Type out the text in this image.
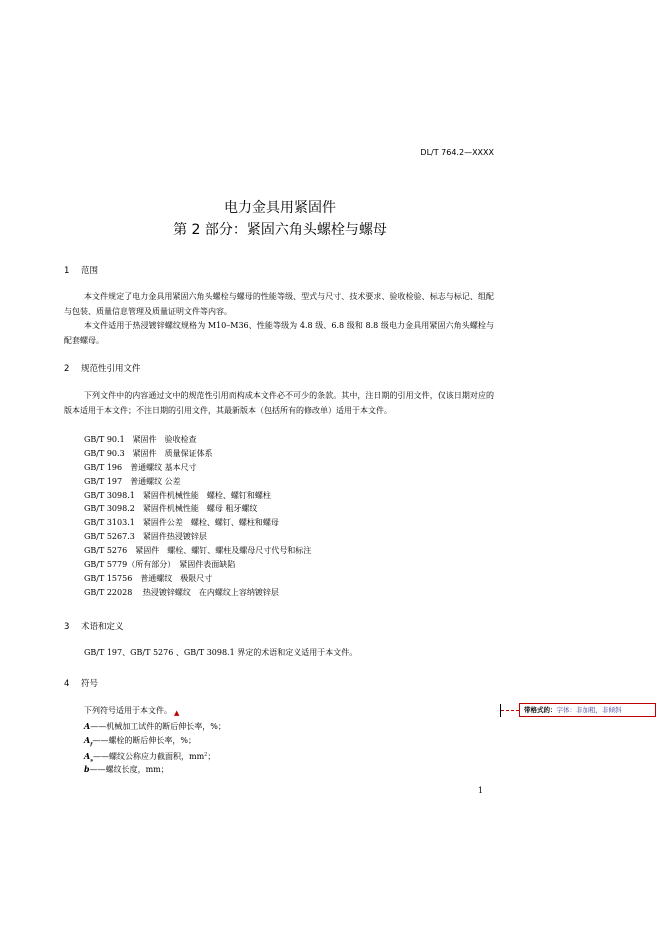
DL/T 764.2—XXXX
电力金具用紧固件
第 2 部分：紧固六角头螺栓与螺母
1 范围
本文件规定了电力金具用紧固六角头螺栓与螺母的性能等级、型式与尺寸、技术要求、验收检验、标志与标记、组配与包装、质量信息管理及质量证明文件等内容。
本文件适用于热浸镀锌螺纹规格为 M10–M36、性能等级为 4.8 级、6.8 级和 8.8 级电力金具用紧固六角头螺栓与配套螺母。
2 规范性引用文件
下列文件中的内容通过文中的规范性引用而构成本文件必不可少的条款。其中，注日期的引用文件，仅该日期对应的版本适用于本文件；不注日期的引用文件，其最新版本（包括所有的修改单）适用于本文件。
GB/T 90.1　紧固件　验收检查
GB/T 90.3　紧固件　质量保证体系
GB/T 196　普通螺纹 基本尺寸
GB/T 197　普通螺纹 公差
GB/T 3098.1　紧固件机械性能　螺栓、螺钉和螺柱
GB/T 3098.2　紧固件机械性能　螺母 粗牙螺纹
GB/T 3103.1　紧固件公差　螺栓、螺钉、螺柱和螺母
GB/T 5267.3　紧固件热浸镀锌层
GB/T 5276　紧固件　螺栓、螺钉、螺柱及螺母尺寸代号和标注
GB/T 5779（所有部分）　紧固件表面缺陷
GB/T 15756　普通螺纹　极限尺寸
GB/T 22028　 热浸镀锌螺纹　在内螺纹上容纳镀锌层
3 术语和定义
GB/T 197、GB/T 5276 、GB/T 3098.1 界定的术语和定义适用于本文件。
4 符号
下列符号适用于本文件。 ▲
A——机械加工试件的断后伸长率，%；
$A_f——$螺栓的断后伸长率，%；
$A_s——$螺纹公称应力截面积，$mm^2$；
b——螺纹长度，mm；
带格式的：字体：非加粗，非倾斜
1
